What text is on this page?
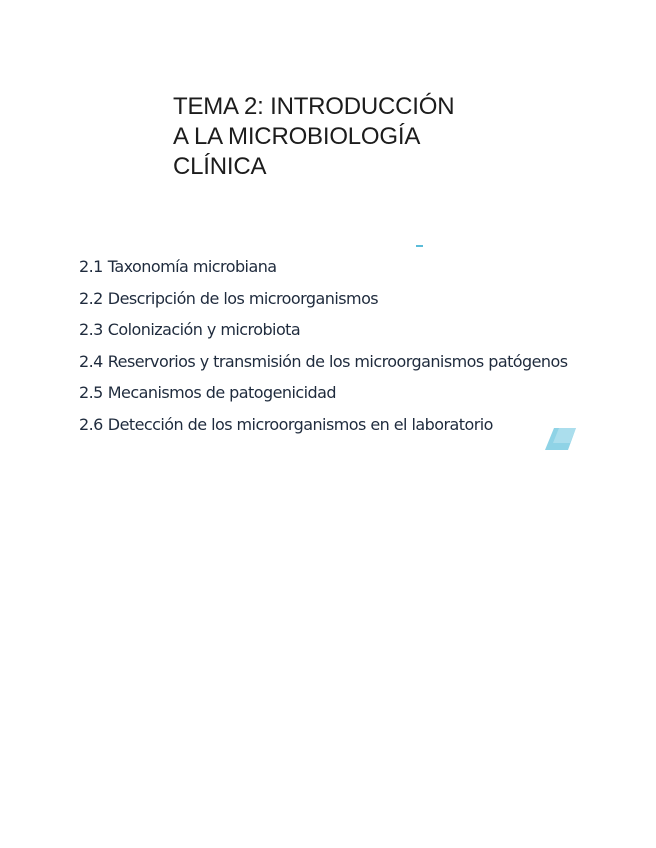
TEMA 2: INTRODUCCIÓN
A LA MICROBIOLOGÍA
CLÍNICA
2.1 Taxonomía microbiana
2.2 Descripción de los microorganismos
2.3 Colonización y microbiota
2.4 Reservorios y transmisión de los microorganismos patógenos
2.5 Mecanismos de patogenicidad
2.6 Detección de los microorganismos en el laboratorio
